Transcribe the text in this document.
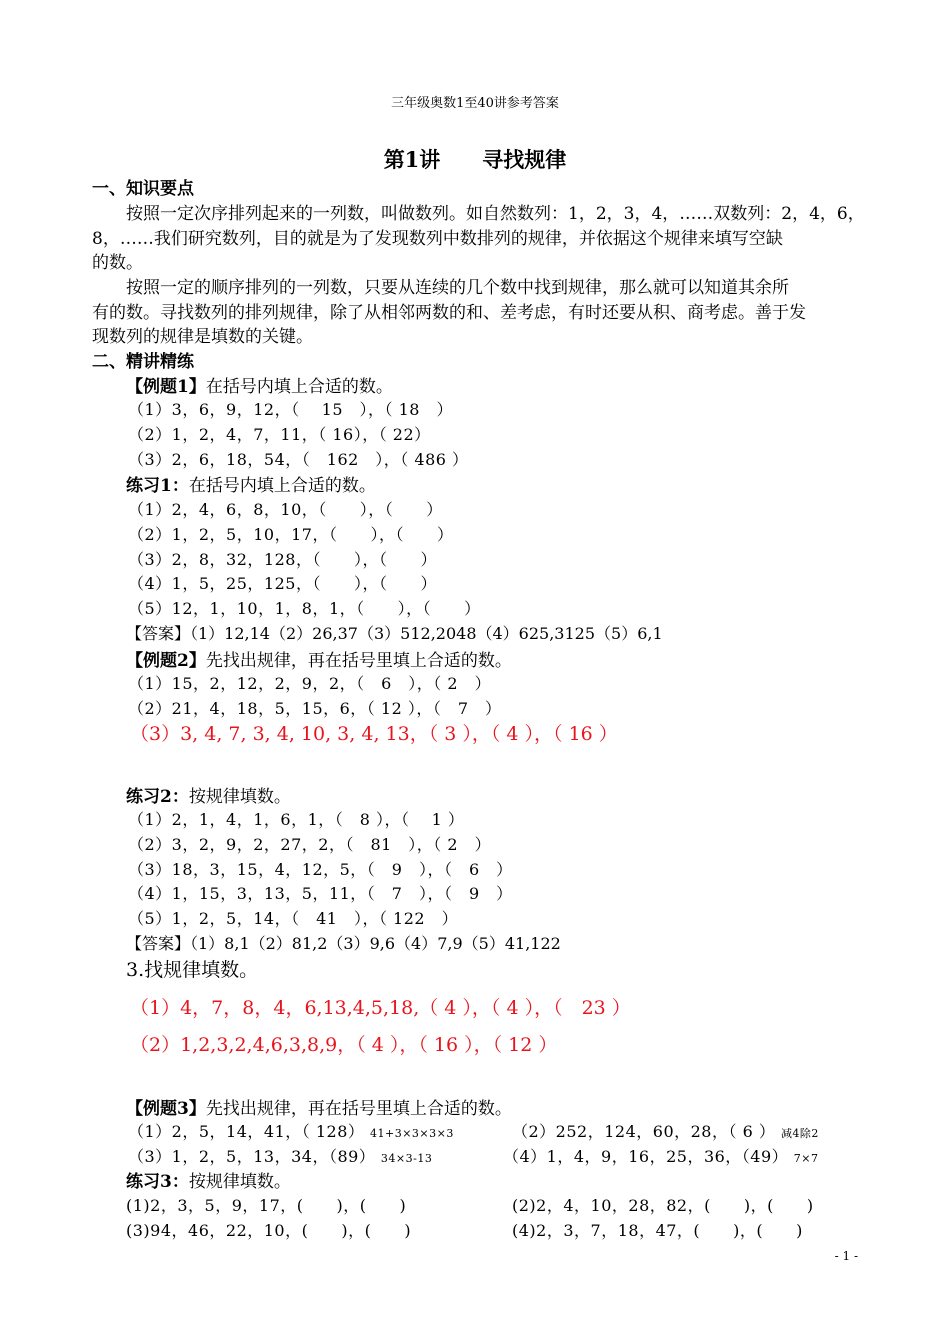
三年级奥数1至40讲参考答案
第1讲　　寻找规律
一、知识要点
按照一定次序排列起来的一列数，叫做数列。如自然数列：1，2，3，4，……双数列：2，4，6，
8，……我们研究数列，目的就是为了发现数列中数排列的规律，并依据这个规律来填写空缺
的数。
按照一定的顺序排列的一列数，只要从连续的几个数中找到规律，那么就可以知道其余所
有的数。寻找数列的排列规律，除了从相邻两数的和、差考虑，有时还要从积、商考虑。善于发
现数列的规律是填数的关键。
二、精讲精练
【例题1】在括号内填上合适的数。
（1）3，6，9，12，（　 15　），（ 18　）
（2）1，2，4，7，11，（ 16），（ 22）
（3）2，6，18，54，（　162　），（ 486 ）
练习1：在括号内填上合适的数。
（1）2，4，6，8，10，（　　），（　　）
（2）1，2，5，10，17，（　　），（　　）
（3）2，8，32，128，（　　），（　　）
（4）1，5，25，125，（　　），（　　）
（5）12，1，10，1，8，1，（　　），（　　）
【答案】（1）12,14（2）26,37（3）512,2048（4）625,3125（5）6,1
【例题2】先找出规律，再在括号里填上合适的数。
（1）15，2，12，2，9，2，（　6　），（ 2　）
（2）21，4，18，5，15，6，（ 12 ），（　7　）
（3）3, 4, 7, 3, 4, 10, 3, 4, 13，（ 3 ），（ 4 ），（ 16 ）
练习2：按规律填数。
（1）2，1，4，1，6，1，（　8 ），（　 1 ）
（2）3，2，9，2，27，2，（　81　），（ 2　）
（3）18，3，15，4，12，5，（　9　），（　6　）
（4）1，15，3，13，5，11，（　7　），（　9　）
（5）1，2，5，14，（　41　），（ 122　）
【答案】（1）8,1（2）81,2（3）9,6（4）7,9（5）41,122
3.找规律填数。
（1）4，7，8，4，6,13,4,5,18,（ 4 ），（ 4 ），（　23 ）
（2）1,2,3,2,4,6,3,8,9，（ 4 ），（ 16 ），（ 12 ）
【例题3】先找出规律，再在括号里填上合适的数。
（1）2，5，14，41，（ 128） 41+3×3×3×3	（2）252，124，60，28，（ 6 ） 减4除2
（3）1，2，5，13，34，（89） 34×3-13	（4）1，4，9，16，25，36，（49） 7×7
练习3：按规律填数。
(1)2，3，5，9，17，(　　)，(　　)	(2)2，4，10，28，82，(　　)，(　　)
(3)94，46，22，10，(　　)，(　　)	(4)2，3，7，18，47，(　　)，(　　)
- 1 -
